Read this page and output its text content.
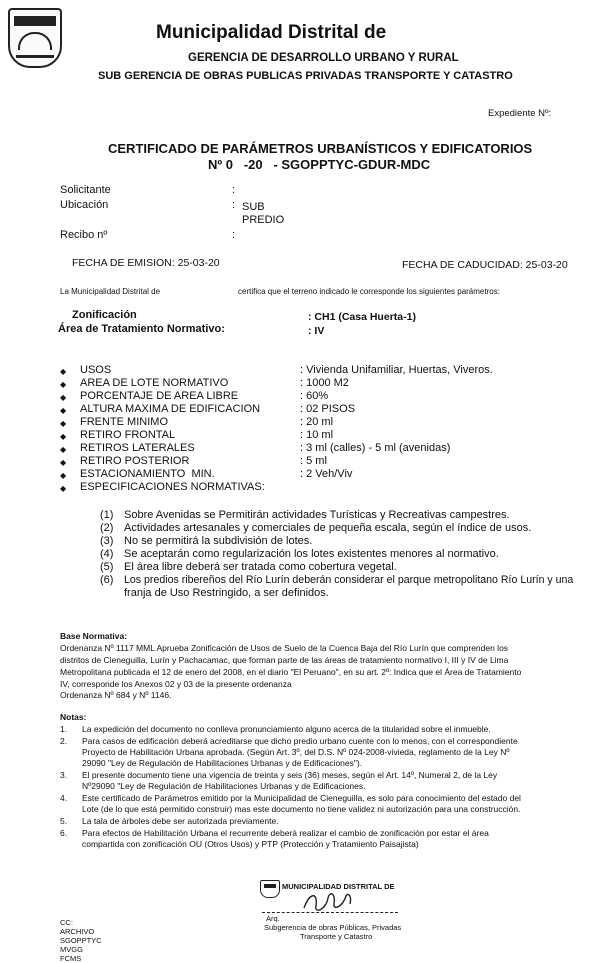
Municipalidad Distrital de
GERENCIA DE DESARROLLO URBANO Y RURAL
SUB GERENCIA DE OBRAS PUBLICAS PRIVADAS TRANSPORTE Y CATASTRO
Expediente Nº:
CERTIFICADO DE PARÁMETROS URBANÍSTICOS Y EDIFICATORIOS
Nº 0   -20   - SGOPPTYC-GDUR-MDC
Solicitante	:
Ubicación	: SUB
PREDIO
Recibo nº	:
FECHA DE EMISION: 25-03-20	FECHA DE CADUCIDAD: 25-03-20
La Municipalidad Distrital de	certifica que el terreno indicado le corresponde los siguientes parámetros:
Zonificación	: CH1 (Casa Huerta-1)
Área de Tratamiento Normativo:	: IV
◆ USOS	: Vivienda Unifamiliar, Huertas, Viveros.
◆ AREA DE LOTE NORMATIVO	: 1000 M2
◆ PORCENTAJE DE AREA LIBRE	: 60%
◆ ALTURA MAXIMA DE EDIFICACION	: 02 PISOS
◆ FRENTE MINIMO	: 20 ml
◆ RETIRO FRONTAL	: 10 ml
◆ RETIROS LATERALES	: 3 ml (calles) - 5 ml (avenidas)
◆ RETIRO POSTERIOR	: 5 ml
◆ ESTACIONAMIENTO  MIN.	: 2 Veh/Viv
◆ ESPECIFICACIONES NORMATIVAS:
(1) Sobre Avenidas se Permitirán actividades Turísticas y Recreativas campestres.
(2) Actividades artesanales y comerciales de pequeña escala, según el índice de usos.
(3) No se permitirá la subdivisión de lotes.
(4) Se aceptarán como regularización los lotes existentes menores al normativo.
(5) El área libre deberá ser tratada como cobertura vegetal.
(6) Los predios ribereños del Río Lurín deberán considerar el parque metropolitano Río Lurín y una
franja de Uso Restringido, a ser definidos.
Base Normativa:
Ordenanza Nº 1117 MML Aprueba Zonificación de Usos de Suelo de la Cuenca Baja del Río Lurín que comprenden los
distritos de Cieneguilla, Lurín y Pachacamac, que forman parte de las áreas de tratamiento normativo I, III y IV de Lima
Metropolitana publicada el 12 de enero del 2008, en el diario "El Peruano", en su art. 2º: Indica que el Área de Tratamiento
IV, corresponde los Anexos 02 y 03 de la presente ordenanza
Ordenanza Nº 684 y Nº 1146.
Notas:
1. La expedición del documento no conlleva pronunciamiento alguno acerca de la titularidad sobre el inmueble.
2. Para casos de edificación deberá acreditarse que dicho predio urbano cuente con lo menos, con el correspondiente
Proyecto de Habilitación Urbana aprobada. (Según Art. 3º, del D.S. Nº 024-2008-vivieda, reglamento de la Ley Nº
29090 "Ley de Regulación de Habilitaciones Urbanas y de Edificaciones").
3. El presente documento tiene una vigencia de treinta y seis (36) meses, según el Art. 14º, Numeral 2, de la Ley
Nº29090 "Ley de Regulación de Habilitaciones Urbanas y de Edificaciones.
4. Este certificado de Parámetros emitido por la Municipalidad de Cieneguilla, es solo para conocimiento del estado del
Lote (de lo que está permitido construir) mas este documento no tiene validez ni autorización para una construcción.
5. La tala de árboles debe ser autorizada previamente.
6. Para efectos de Habilitación Urbana el recurrente deberá realizar el cambio de zonificación por estar el área
compartida con zonificación OU (Otros Usos) y PTP (Protección y Tratamiento Paisajista)
MUNICIPALIDAD DISTRITAL DE
Arq.
Subgerencia de obras Públicas, Privadas
Transporte y Catastro
CC:
ARCHIVO
SGOPPTYC
MVGG
FCMS
